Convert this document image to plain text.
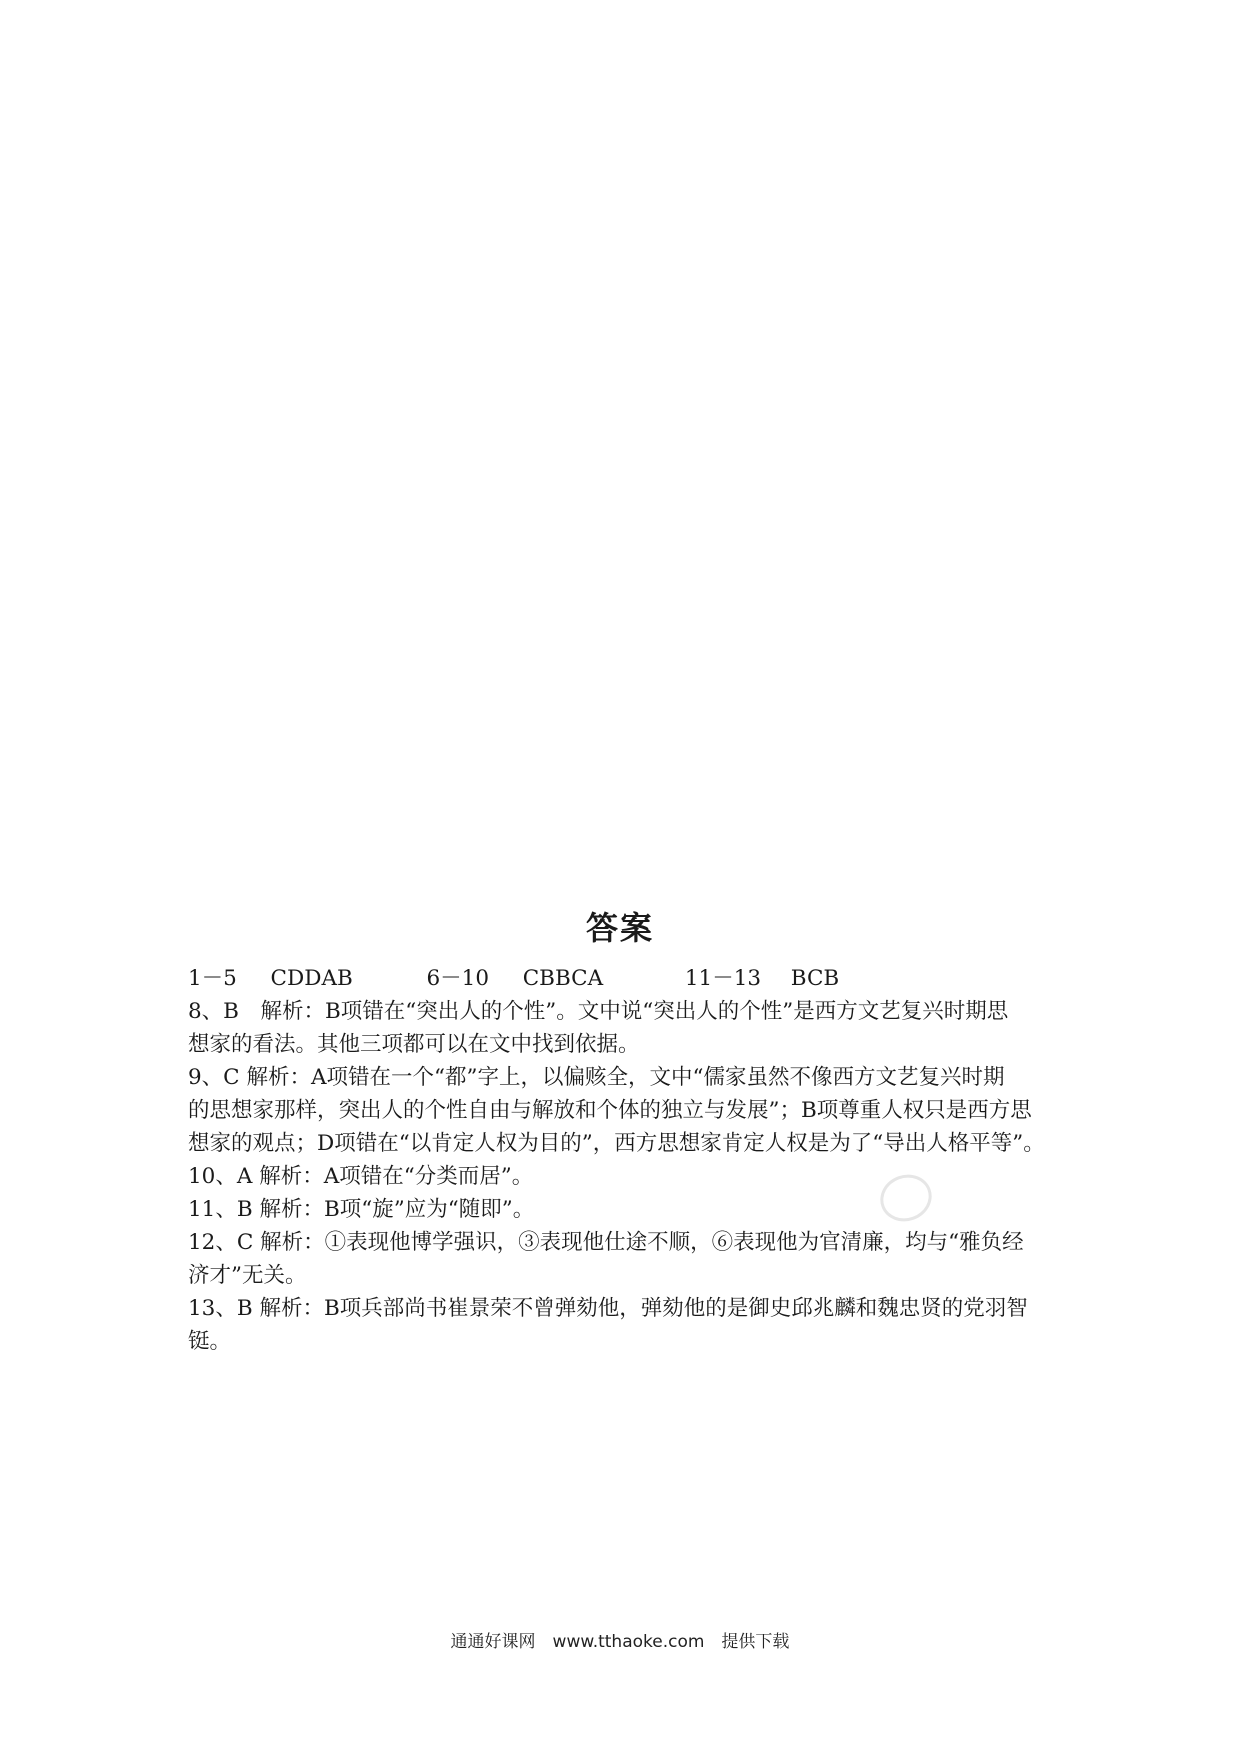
答案
1－5 CDDAB	6－10 CBBCA	11－13 BCB
8、B　解析：B项错在“突出人的个性”。文中说“突出人的个性”是西方文艺复兴时期思
想家的看法。其他三项都可以在文中找到依据。
9、C 解析：A项错在一个“都”字上，以偏赅全，文中“儒家虽然不像西方文艺复兴时期
的思想家那样，突出人的个性自由与解放和个体的独立与发展”；B项尊重人权只是西方思
想家的观点；D项错在“以肯定人权为目的”，西方思想家肯定人权是为了“导出人格平等”。
10、A 解析：A项错在“分类而居”。
11、B 解析：B项“旋”应为“随即”。
12、C 解析：①表现他博学强识，③表现他仕途不顺，⑥表现他为官清廉，均与“雅负经
济才”无关。
13、B 解析：B项兵部尚书崔景荣不曾弹劾他，弹劾他的是御史邱兆麟和魏忠贤的党羽智
铤。
通通好课网　www.tthaoke.com　提供下载
